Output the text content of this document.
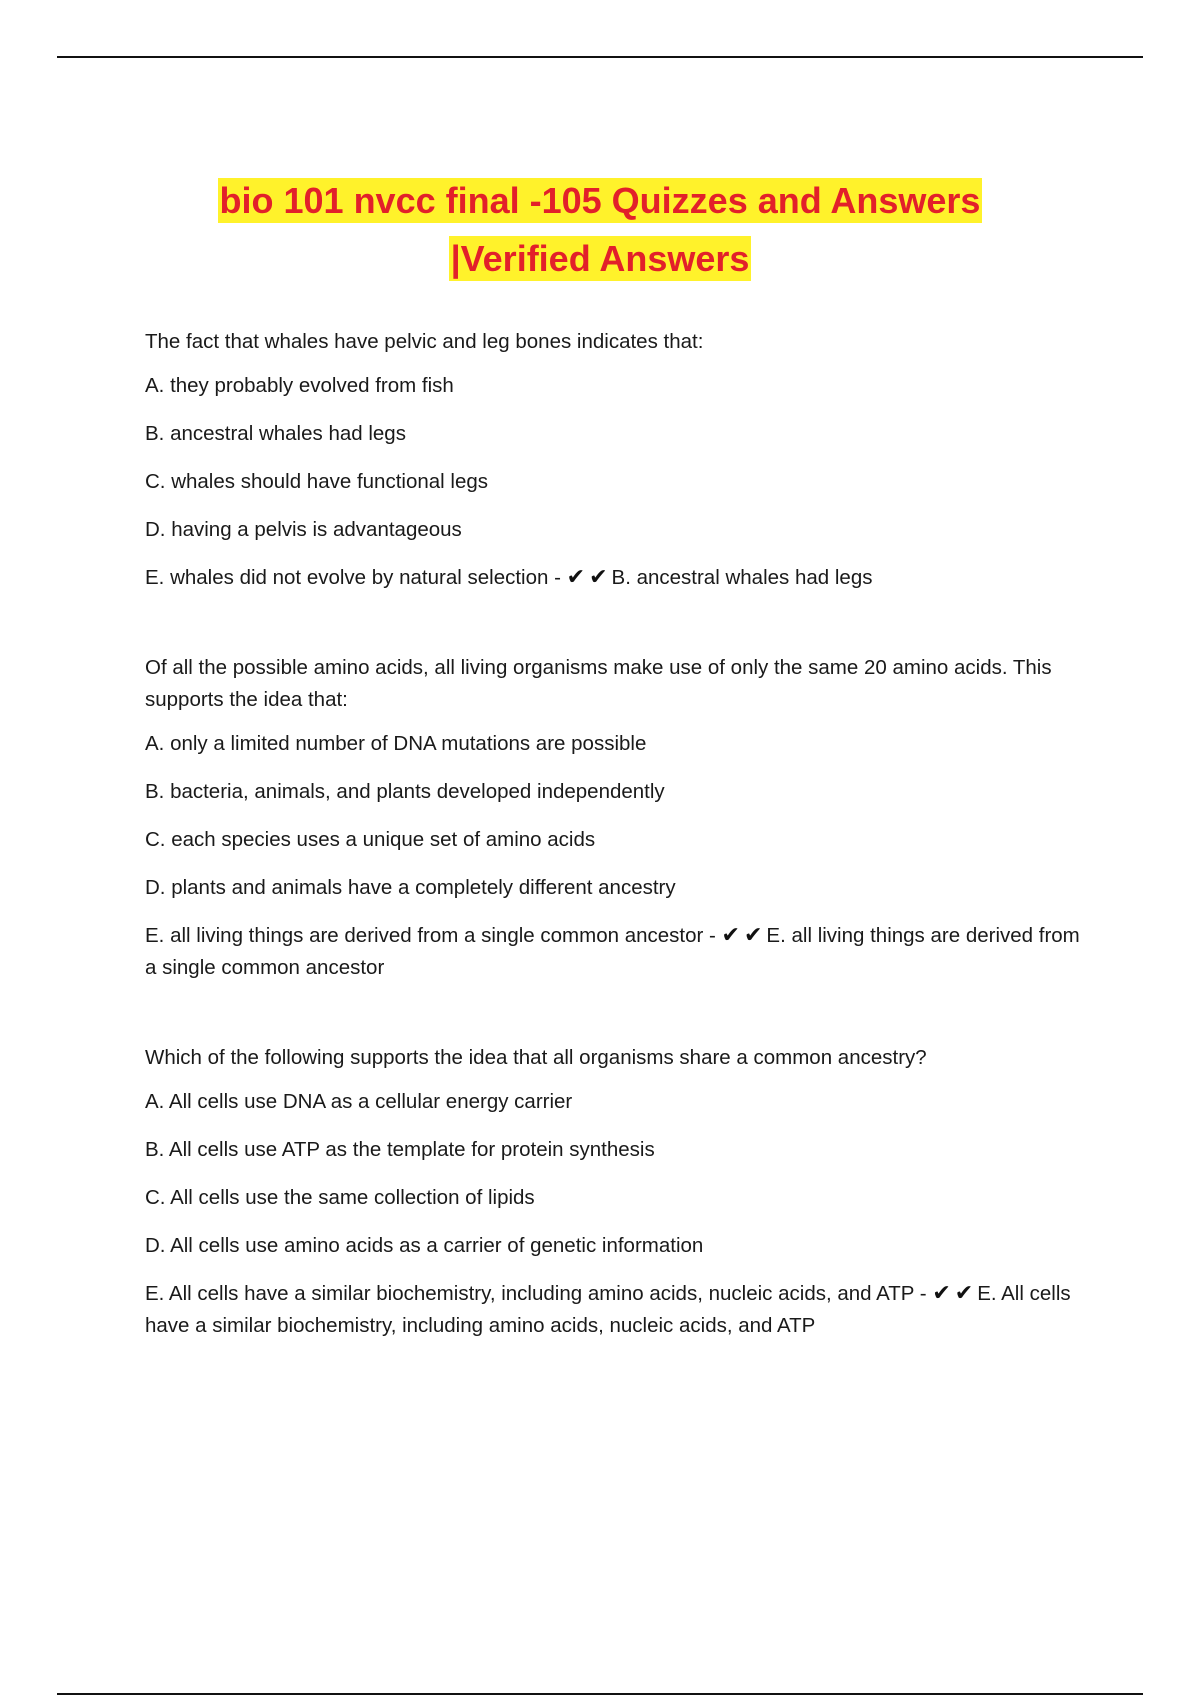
bio 101 nvcc final -105 Quizzes and Answers
|Verified Answers

The fact that whales have pelvic and leg bones indicates that:

A. they probably evolved from fish

B. ancestral whales had legs

C. whales should have functional legs

D. having a pelvis is advantageous

E. whales did not evolve by natural selection - ✔✔B. ancestral whales had legs

Of all the possible amino acids, all living organisms make use of only the same 20 amino acids. This supports the idea that:

A. only a limited number of DNA mutations are possible

B. bacteria, animals, and plants developed independently

C. each species uses a unique set of amino acids

D. plants and animals have a completely different ancestry

E. all living things are derived from a single common ancestor - ✔✔E. all living things are derived from a single common ancestor

Which of the following supports the idea that all organisms share a common ancestry?

A. All cells use DNA as a cellular energy carrier

B. All cells use ATP as the template for protein synthesis

C. All cells use the same collection of lipids

D. All cells use amino acids as a carrier of genetic information

E. All cells have a similar biochemistry, including amino acids, nucleic acids, and ATP - ✔✔E. All cells have a similar biochemistry, including amino acids, nucleic acids, and ATP
